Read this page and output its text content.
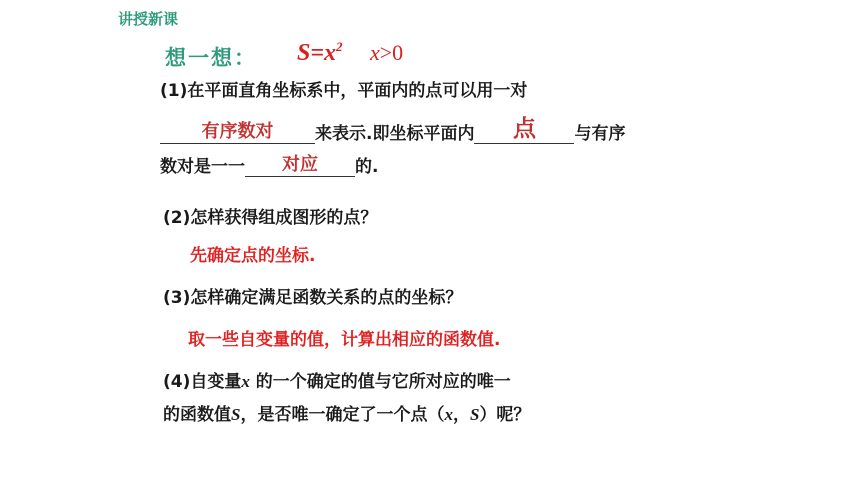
讲授新课
想一想： $S=x^2$ x>0
(1)在平面直角坐标系中，平面内的点可以用一对
有序数对 来表示.即坐标平面内 点 与有序
数对是一一 对应 的.
(2)怎样获得组成图形的点？
先确定点的坐标.
(3)怎样确定满足函数关系的点的坐标？
取一些自变量的值，计算出相应的函数值.
(4)自变量x 的一个确定的值与它所对应的唯一
的函数值S，是否唯一确定了一个点（x，S）呢？
